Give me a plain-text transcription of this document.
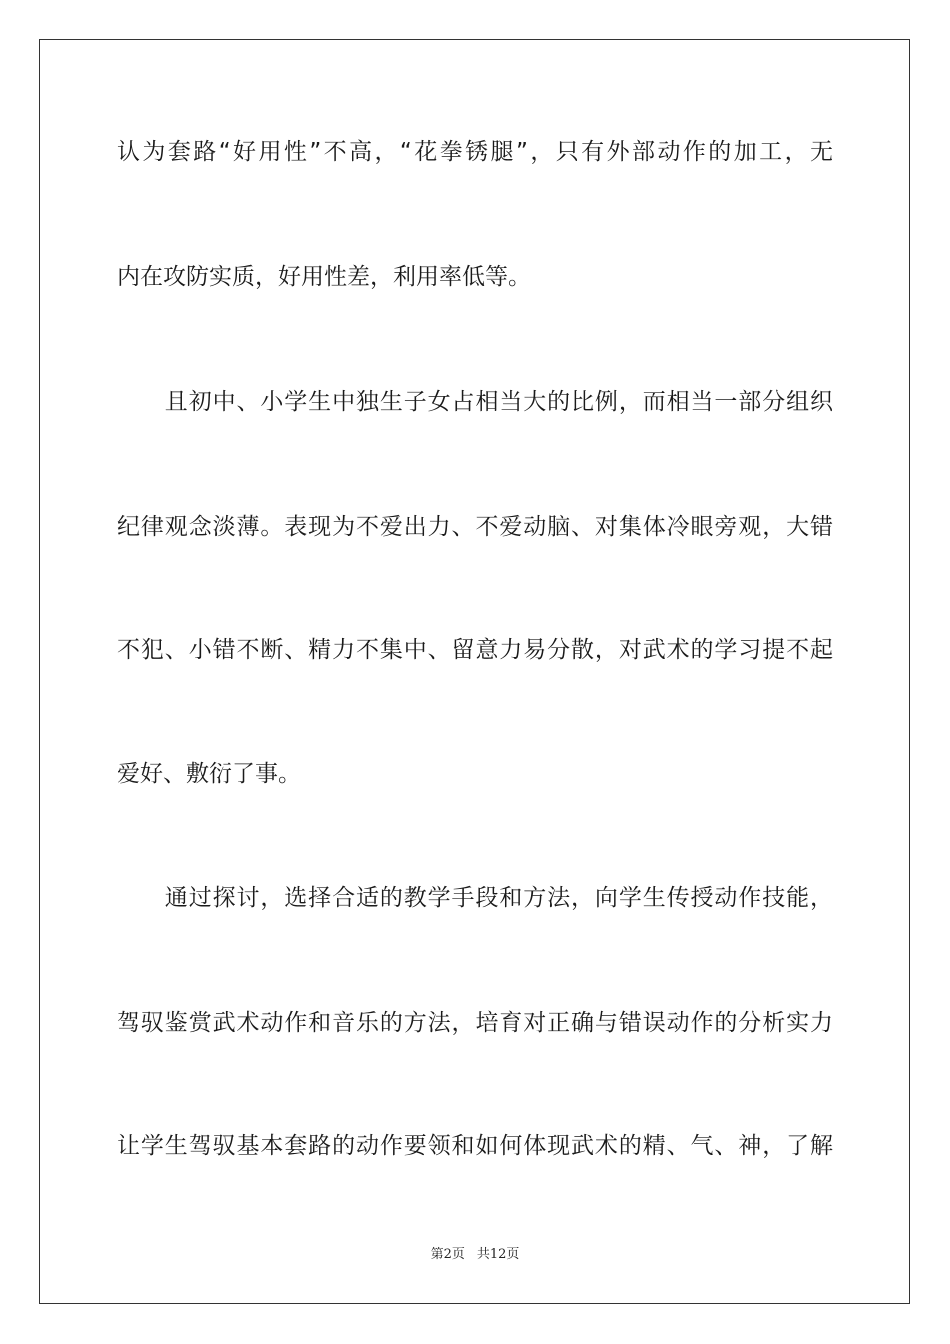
认为套路“好用性”不高，“花拳锈腿”，只有外部动作的加工，无
内在攻防实质，好用性差，利用率低等。
　　且初中、小学生中独生子女占相当大的比例，而相当一部分组织
纪律观念淡薄。表现为不爱出力、不爱动脑、对集体冷眼旁观，大错
不犯、小错不断、精力不集中、留意力易分散，对武术的学习提不起
爱好、敷衍了事。
　　通过探讨，选择合适的教学手段和方法，向学生传授动作技能，
驾驭鉴赏武术动作和音乐的方法，培育对正确与错误动作的分析实力
让学生驾驭基本套路的动作要领和如何体现武术的精、气、神，了解
第2页 共12页
